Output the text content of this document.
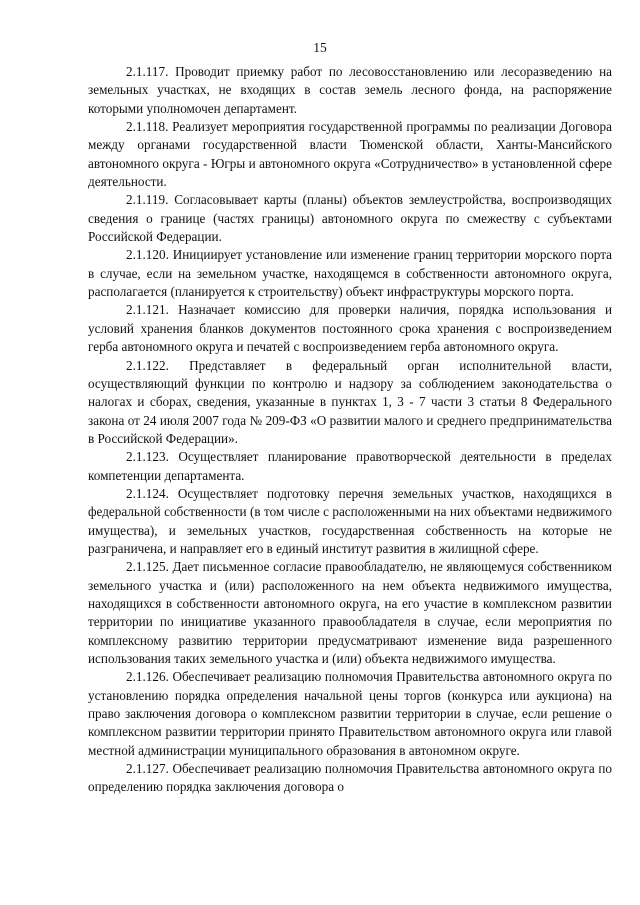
15

2.1.117. Проводит приемку работ по лесовосстановлению или лесоразведению на земельных участках, не входящих в состав земель лесного фонда, на распоряжение которыми уполномочен департамент.

2.1.118. Реализует мероприятия государственной программы по реализации Договора между органами государственной власти Тюменской области, Ханты-Мансийского автономного округа - Югры и автономного округа «Сотрудничество» в установленной сфере деятельности.

2.1.119. Согласовывает карты (планы) объектов землеустройства, воспроизводящих сведения о границе (частях границы) автономного округа по смежеству с субъектами Российской Федерации.

2.1.120. Инициирует установление или изменение границ территории морского порта в случае, если на земельном участке, находящемся в собственности автономного округа, располагается (планируется к строительству) объект инфраструктуры морского порта.

2.1.121. Назначает комиссию для проверки наличия, порядка использования и условий хранения бланков документов постоянного срока хранения с воспроизведением герба автономного округа и печатей с воспроизведением герба автономного округа.

2.1.122. Представляет в федеральный орган исполнительной власти, осуществляющий функции по контролю и надзору за соблюдением законодательства о налогах и сборах, сведения, указанные в пунктах 1, 3 - 7 части 3 статьи 8 Федерального закона от 24 июля 2007 года № 209-ФЗ «О развитии малого и среднего предпринимательства в Российской Федерации».

2.1.123. Осуществляет планирование правотворческой деятельности в пределах компетенции департамента.

2.1.124. Осуществляет подготовку перечня земельных участков, находящихся в федеральной собственности (в том числе с расположенными на них объектами недвижимого имущества), и земельных участков, государственная собственность на которые не разграничена, и направляет его в единый институт развития в жилищной сфере.

2.1.125. Дает письменное согласие правообладателю, не являющемуся собственником земельного участка и (или) расположенного на нем объекта недвижимого имущества, находящихся в собственности автономного округа, на его участие в комплексном развитии территории по инициативе указанного правообладателя в случае, если мероприятия по комплексному развитию территории предусматривают изменение вида разрешенного использования таких земельного участка и (или) объекта недвижимого имущества.

2.1.126. Обеспечивает реализацию полномочия Правительства автономного округа по установлению порядка определения начальной цены торгов (конкурса или аукциона) на право заключения договора о комплексном развитии территории в случае, если решение о комплексном развитии территории принято Правительством автономного округа или главой местной администрации муниципального образования в автономном округе.

2.1.127. Обеспечивает реализацию полномочия Правительства автономного округа по определению порядка заключения договора о
